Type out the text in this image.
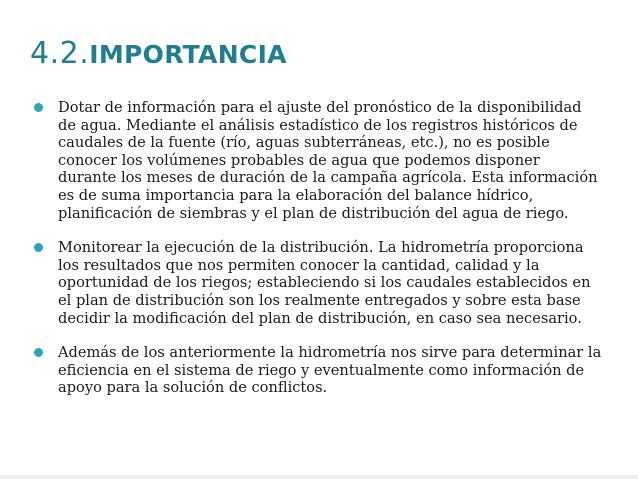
4.2.IMPORTANCIA
Dotar de información para el ajuste del pronóstico de la disponibilidad de agua. Mediante el análisis estadístico de los registros históricos de caudales de la fuente (río, aguas subterráneas, etc.), no es posible conocer los volúmenes probables de agua que podemos disponer durante los meses de duración de la campaña agrícola. Esta información es de suma importancia para la elaboración del balance hídrico, planificación de siembras y el plan de distribución del agua de riego.
Monitorear la ejecución de la distribución. La hidrometría proporciona los resultados que nos permiten conocer la cantidad, calidad y la oportunidad de los riegos; estableciendo si los caudales establecidos en el plan de distribución son los realmente entregados y sobre esta base decidir la modificación del plan de distribución, en caso sea necesario.
Además de los anteriormente la hidrometría nos sirve para determinar la eficiencia en el sistema de riego y eventualmente como información de apoyo para la solución de conflictos.
